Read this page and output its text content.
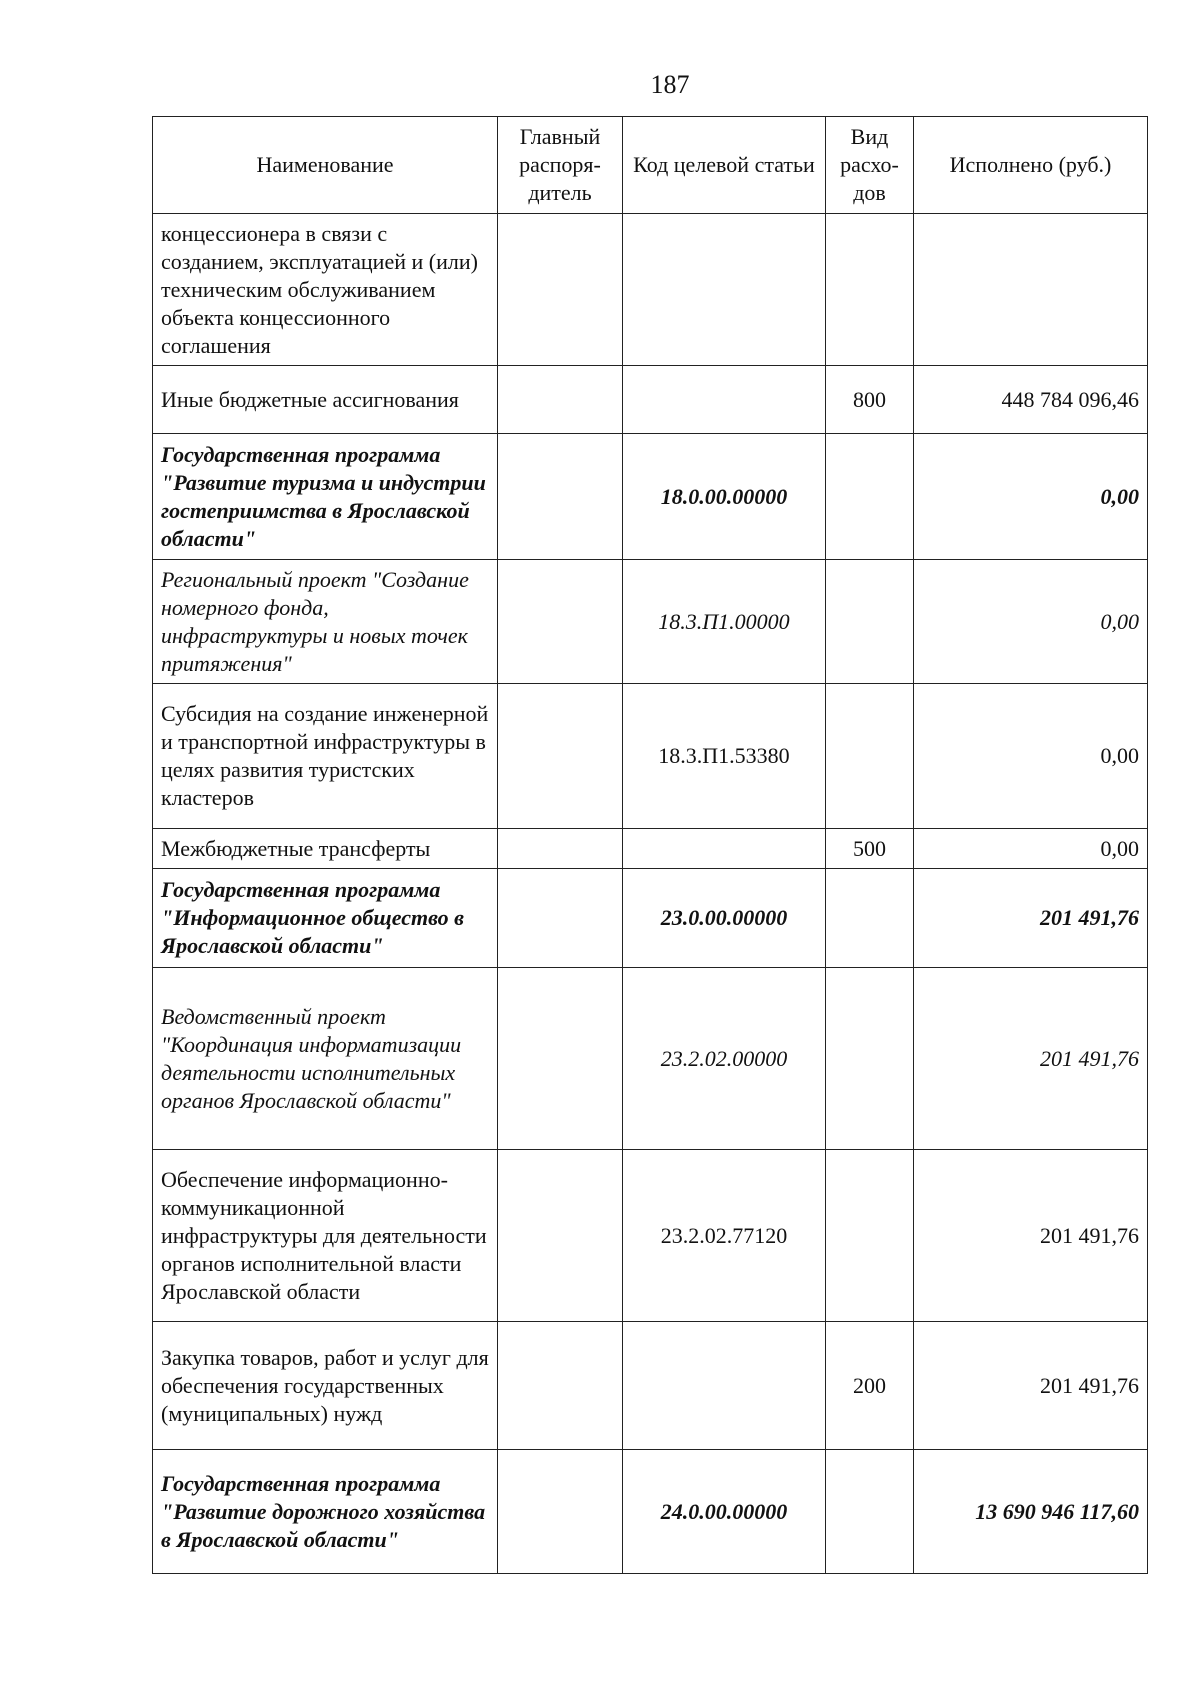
187
Наименование	Главный распоря-дитель	Код целевой статьи	Вид расхо-дов	Исполнено (руб.)
концессионера в связи с созданием, эксплуатацией и (или) техническим обслуживанием объекта концессионного соглашения				
Иные бюджетные ассигнования			800	448 784 096,46
Государственная программа "Развитие туризма и индустрии гостеприимства в Ярославской области"		18.0.00.00000		0,00
Региональный проект "Создание номерного фонда, инфраструктуры и новых точек притяжения"		18.3.П1.00000		0,00
Субсидия на создание инженерной и транспортной инфраструктуры в целях развития туристских кластеров		18.3.П1.53380		0,00
Межбюджетные трансферты			500	0,00
Государственная программа "Информационное общество в Ярославской области"		23.0.00.00000		201 491,76
Ведомственный проект "Координация информатизации деятельности исполнительных органов Ярославской области"		23.2.02.00000		201 491,76
Обеспечение информационно-коммуникационной инфраструктуры для деятельности органов исполнительной власти Ярославской области		23.2.02.77120		201 491,76
Закупка товаров, работ и услуг для обеспечения государственных (муниципальных) нужд			200	201 491,76
Государственная программа "Развитие дорожного хозяйства в Ярославской области"		24.0.00.00000		13 690 946 117,60
